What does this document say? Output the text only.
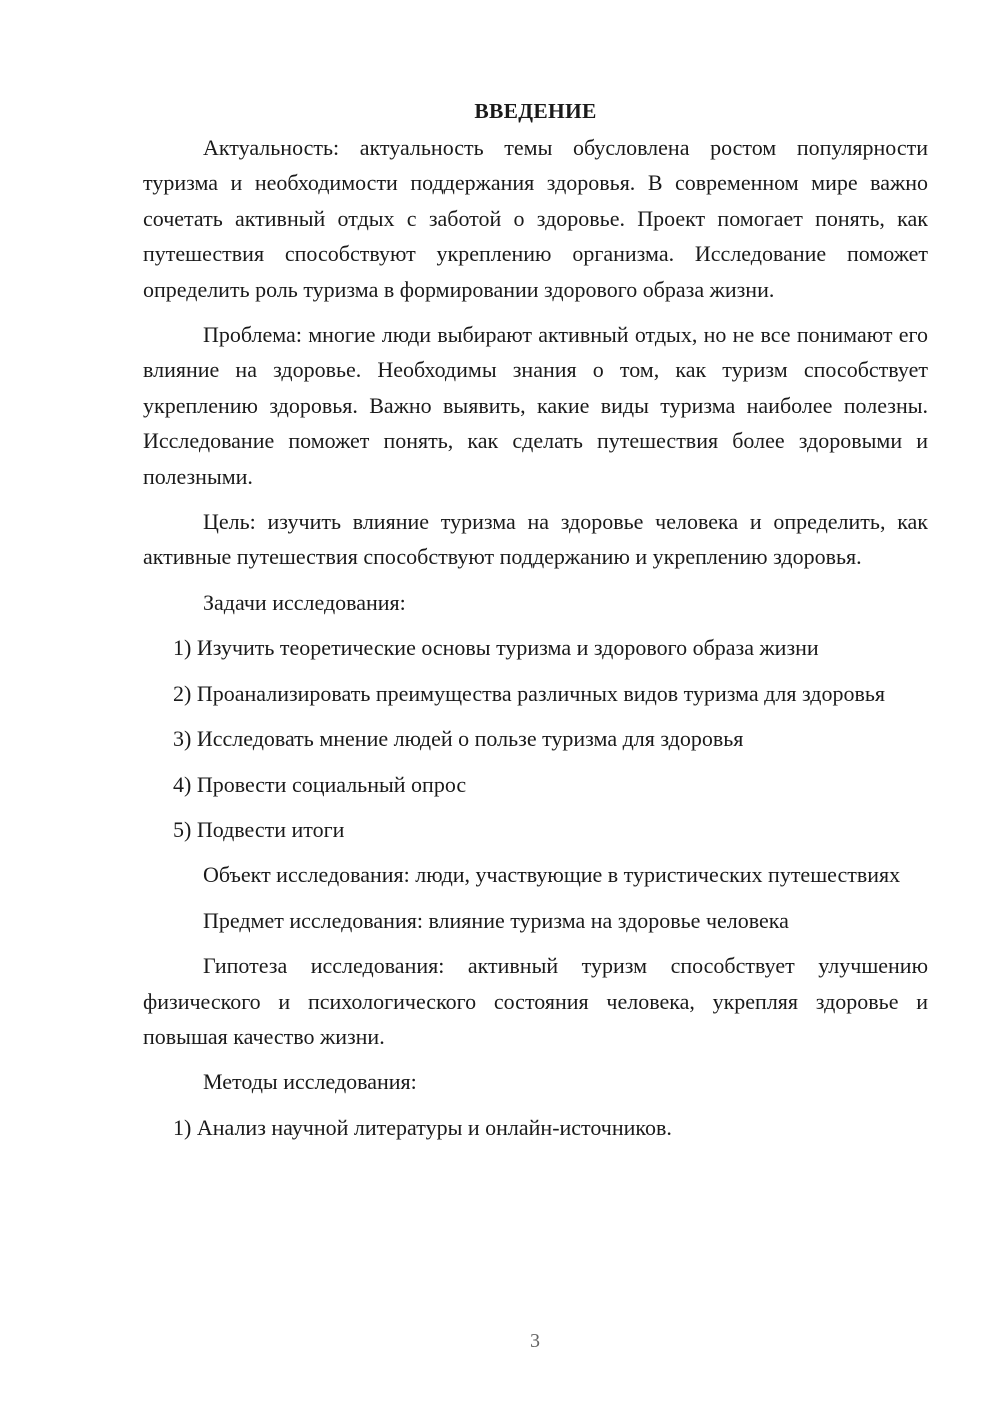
ВВЕДЕНИЕ

Актуальность: актуальность темы обусловлена ростом популярности туризма и необходимости поддержания здоровья. В современном мире важно сочетать активный отдых с заботой о здоровье. Проект помогает понять, как путешествия способствуют укреплению организма. Исследование поможет определить роль туризма в формировании здорового образа жизни.

Проблема: многие люди выбирают активный отдых, но не все понимают его влияние на здоровье. Необходимы знания о том, как туризм способствует укреплению здоровья. Важно выявить, какие виды туризма наиболее полезны. Исследование поможет понять, как сделать путешествия более здоровыми и полезными.

Цель: изучить влияние туризма на здоровье человека и определить, как активные путешествия способствуют поддержанию и укреплению здоровья.

Задачи исследования:

1) Изучить теоретические основы туризма и здорового образа жизни

2) Проанализировать преимущества различных видов туризма для здоровья

3) Исследовать мнение людей о пользе туризма для здоровья

4) Провести социальный опрос

5) Подвести итоги

Объект исследования: люди, участвующие в туристических путешествиях

Предмет исследования: влияние туризма на здоровье человека

Гипотеза исследования: активный туризм способствует улучшению физического и психологического состояния человека, укрепляя здоровье и повышая качество жизни.

Методы исследования:

1) Анализ научной литературы и онлайн-источников.

3
